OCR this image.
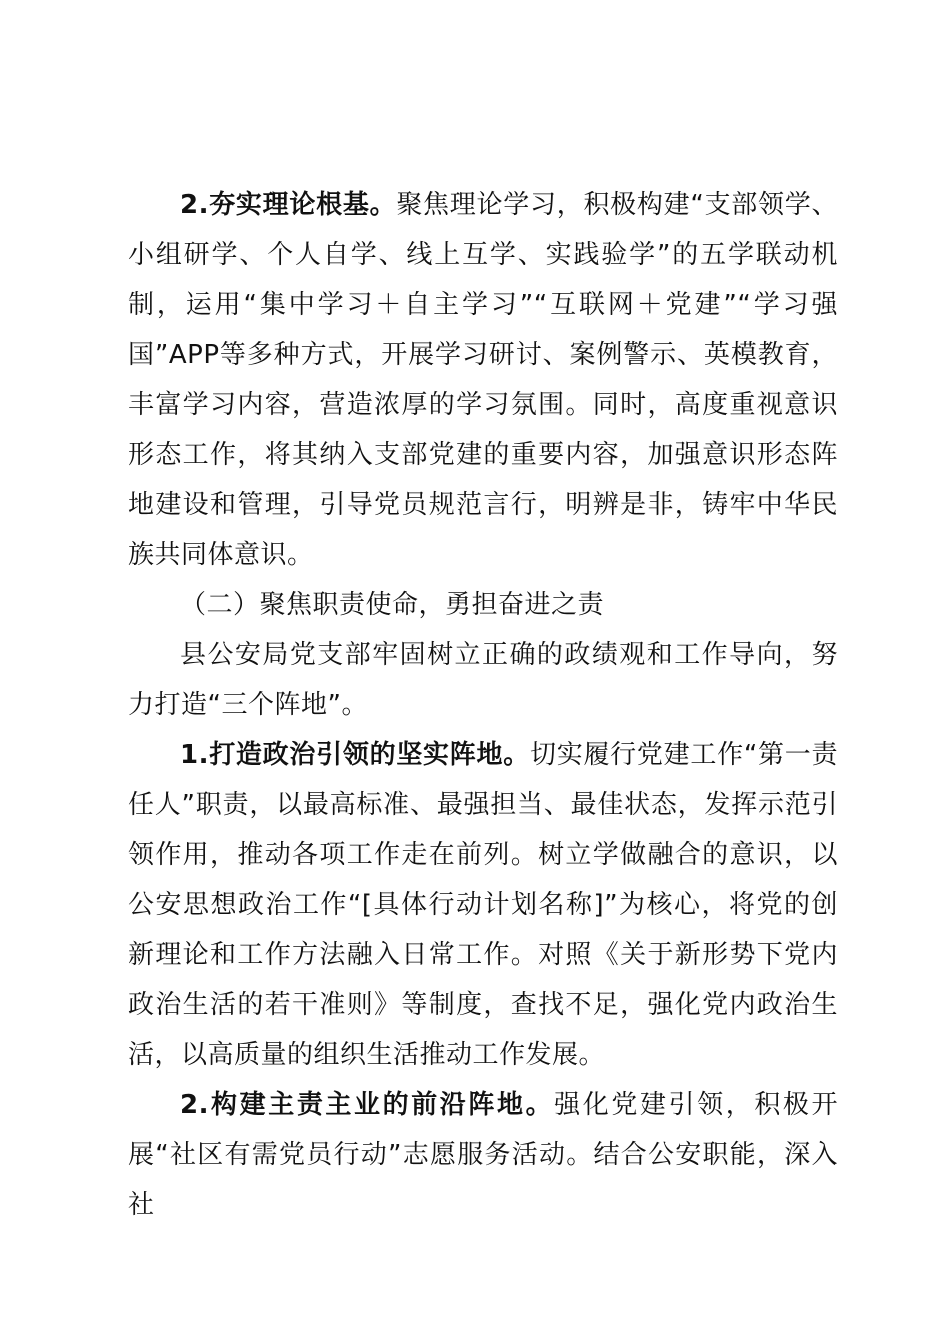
2.夯实理论根基。聚焦理论学习，积极构建“支部领学、小组研学、个人自学、线上互学、实践验学”的五学联动机制，运用“集中学习＋自主学习”“互联网＋党建”“学习强国”APP等多种方式，开展学习研讨、案例警示、英模教育，丰富学习内容，营造浓厚的学习氛围。同时，高度重视意识形态工作，将其纳入支部党建的重要内容，加强意识形态阵地建设和管理，引导党员规范言行，明辨是非，铸牢中华民族共同体意识。

（二）聚焦职责使命，勇担奋进之责

县公安局党支部牢固树立正确的政绩观和工作导向，努力打造“三个阵地”。

1.打造政治引领的坚实阵地。切实履行党建工作“第一责任人”职责，以最高标准、最强担当、最佳状态，发挥示范引领作用，推动各项工作走在前列。树立学做融合的意识，以公安思想政治工作“[具体行动计划名称]”为核心，将党的创新理论和工作方法融入日常工作。对照《关于新形势下党内政治生活的若干准则》等制度，查找不足，强化党内政治生活，以高质量的组织生活推动工作发展。

2.构建主责主业的前沿阵地。强化党建引领，积极开展“社区有需党员行动”志愿服务活动。结合公安职能，深入社
